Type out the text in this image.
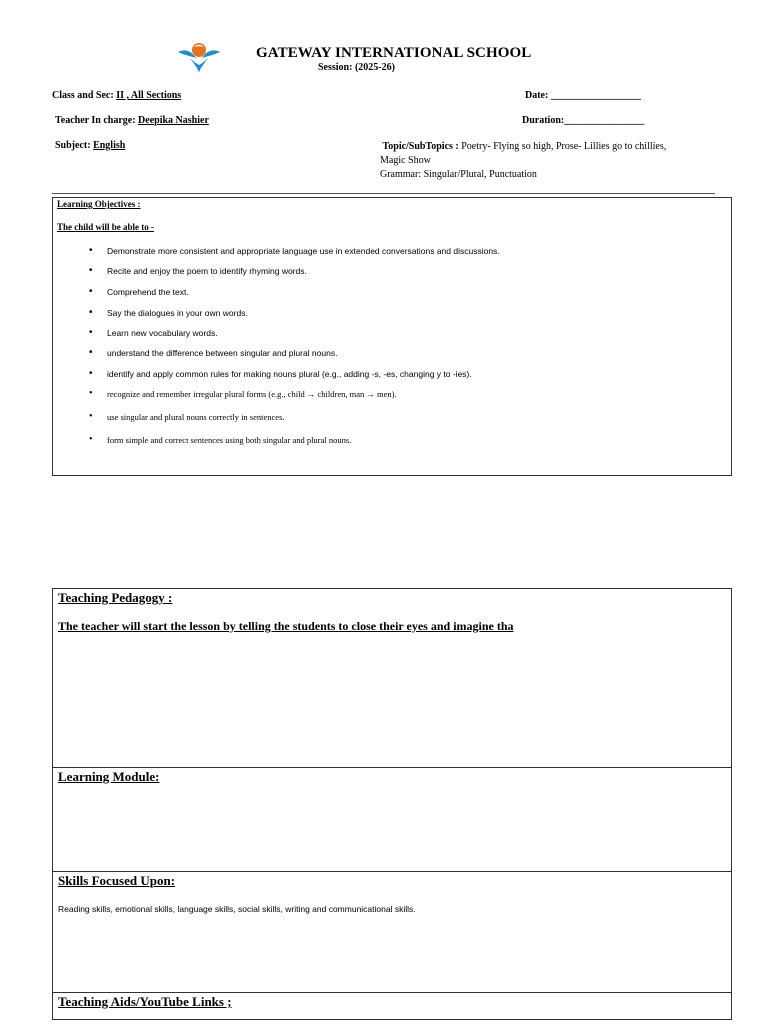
GATEWAY INTERNATIONAL SCHOOL
Session: (2025-26)
Class and Sec: II , All Sections	Date: __________________
Teacher In charge: Deepika Nashier	Duration:________________
Subject: English	Topic/SubTopics : Poetry- Flying so high, Prose- Lillies go to chillies,
Magic Show
Grammar: Singular/Plural, Punctuation
Learning Objectives :
The child will be able to -
• Demonstrate more consistent and appropriate language use in extended conversations and discussions.
• Recite and enjoy the poem to identify rhyming words.
• Comprehend the text.
• Say the dialogues in your own words.
• Learn new vocabulary words.
• understand the difference between singular and plural nouns.
• identify and apply common rules for making nouns plural (e.g., adding -s, -es, changing y to -ies).
• recognize and remember irregular plural forms (e.g., child → children, man → men).
• use singular and plural nouns correctly in sentences.
• form simple and correct sentences using both singular and plural nouns.
Teaching Pedagogy :
The teacher will start the lesson by telling the students to close their eyes and imagine tha
Learning Module:
Skills Focused Upon:
Reading skills, emotional skills, language skills, social skills, writing and communicational skills.
Teaching Aids/YouTube Links ;
